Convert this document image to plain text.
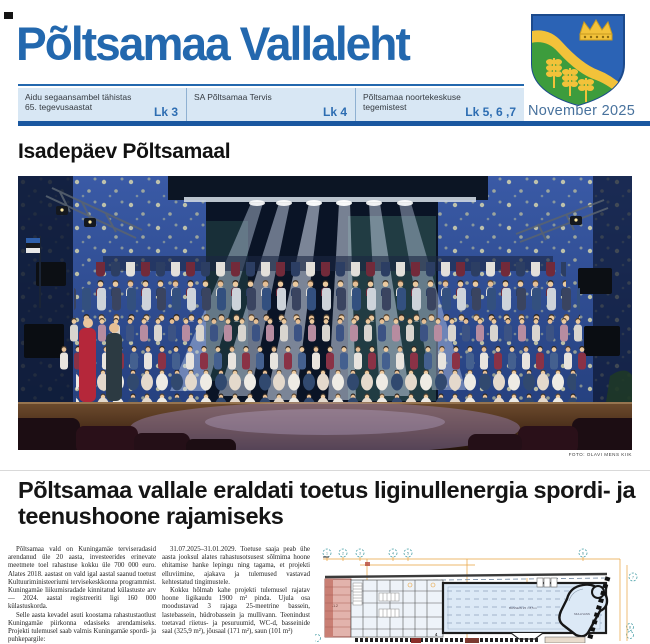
Põltsamaa Vallaleht
November 2025
Aidu segaansambel tähistas 65. tegevusaastat	Lk 3
SA Põltsamaa Tervis
Lk 4
Põltsamaa noortekeskuse tegemistest	Lk 5, 6 ,7
Isadepäev Põltsamaal
FOTO: OLAVI MENS KIIK
Põltsamaa vallale eraldati toetus liginullenergia spordi- ja teenushoone rajamiseks

Põltsamaa vald on Kuningamäe terviseradasid arendanud üle 20 aasta, investeerides erinevate meetmete toel rahastuse kokku üle 700 000 euro. Alates 2018. aastast on vald igal aastal saanud toetust Kultuuriministeeriumi tervisekeskkonna programmist. Kuningamäe liikumisradade kinnitatud külastuste arv — 2024. aastal registreeriti ligi 160 000 külastuskorda.

Selle aasta kevadel asuti koostama rahastustaotlust Kuningamäe piirkonna edasiseks arendamiseks. Projekti tulemusel saab valmis Kuningamäe spordi- ja puhkepargile:

31.07.2025–31.01.2029. Toetuse saaja peab ühe aasta jooksul alates rahastusotsusest sõlmima hoone ehitamise hanke lepingu ning tagama, et projekti elluviimine, ajakava ja tulemused vastavad kehtestatud tingimustele.

Kokku hõlmab kahe projekti tulemusel rajatav hoone ligikaudu 1900 m² pinda. Ujula osa moodustavad 3 rajaga 25-meetrine bassein, lastebassein, hüdrobassein ja mullivann. Teenindust toetavad riietus- ja pesuruumid, WC-d, basseinide saal (325,9 m²), jõusaal (171 m²), saun (101 m²)

1	2	3	4	5	6
7
8
-1.2	BASSEIN 25 × 8,5 m
MULLIVANN
4
